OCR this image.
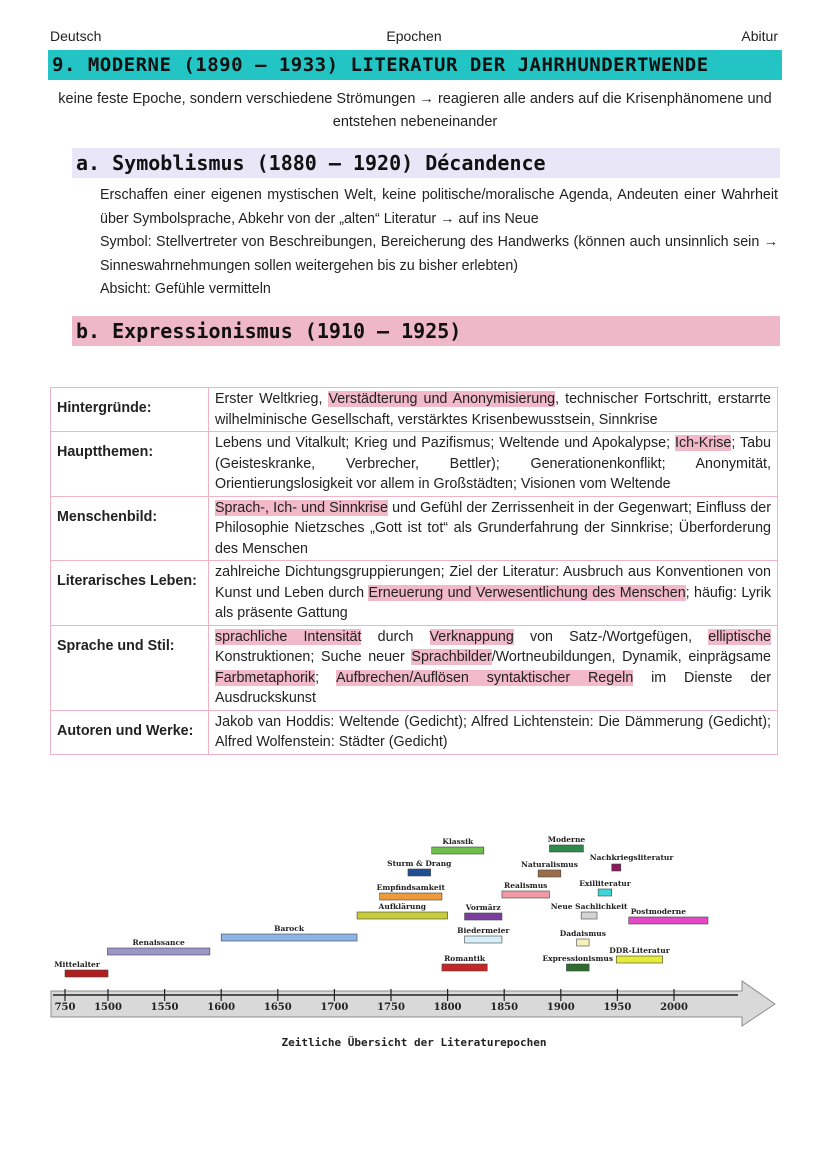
Deutsch	Epochen	Abitur
9. MODERNE (1890 – 1933) LITERATUR DER JAHRHUNDERTWENDE
keine feste Epoche, sondern verschiedene Strömungen → reagieren alle anders auf die Krisenphänomene und entstehen nebeneinander
a. Symoblismus (1880 – 1920) Décandence

Erschaffen einer eigenen mystischen Welt, keine politische/moralische Agenda, Andeuten einer Wahrheit über Symbolsprache, Abkehr von der „alten“ Literatur → auf ins Neue

Symbol: Stellvertreter von Beschreibungen, Bereicherung des Handwerks (können auch unsinnlich sein → Sinneswahrnehmungen sollen weitergehen bis zu bisher erlebten)

Absicht: Gefühle vermitteln

b. Expressionismus (1910 – 1925)
Hintergründe:	Erster Weltkrieg, Verstädterung und Anonymisierung, technischer Fortschritt, erstarrte wilhelminische Gesellschaft, verstärktes Krisenbewusstsein, Sinnkrise
Hauptthemen:	Lebens und Vitalkult; Krieg und Pazifismus; Weltende und Apokalypse; Ich-Krise; Tabu (Geisteskranke, Verbrecher, Bettler); Generationenkonflikt; Anonymität, Orientierungslosigkeit vor allem in Großstädten; Visionen vom Weltende
Menschenbild:	Sprach-, Ich- und Sinnkrise und Gefühl der Zerrissenheit in der Gegenwart; Einfluss der Philosophie Nietzsches „Gott ist tot“ als Grunderfahrung der Sinnkrise; Überforderung des Menschen
Literarisches Leben:	zahlreiche Dichtungsgruppierungen; Ziel der Literatur: Ausbruch aus Konventionen von Kunst und Leben durch Erneuerung und Verwesentlichung des Menschen; häufig: Lyrik als präsente Gattung
Sprache und Stil:	sprachliche Intensität durch Verknappung von Satz-/Wortgefügen, elliptische Konstruktionen; Suche neuer Sprachbilder/Wortneubildungen, Dynamik, einprägsame Farbmetaphorik; Aufbrechen/Auflösen syntaktischer Regeln im Dienste der Ausdruckskunst
Autoren und Werke:	Jakob van Hoddis: Weltende (Gedicht); Alfred Lichtenstein: Die Dämmerung (Gedicht); Alfred Wolfenstein: Städter (Gedicht)
750 1500	1550	1600	1650	1700	1750	1800	1850	1900	1950	2000
Mittelalter
Renaissance
Barock
Aufklärung
Empfindsamkeit
Sturm & Drang
Klassik
Vormärz
Biedermeier
Romantik
Realismus
Naturalismus
Moderne
Neue Sachlichkeit
Dadaismus
Expressionismus
Nachkriegsliteratur
Exilliteratur
Postmoderne
DDR-Literatur
Zeitliche Übersicht der Literaturepochen
